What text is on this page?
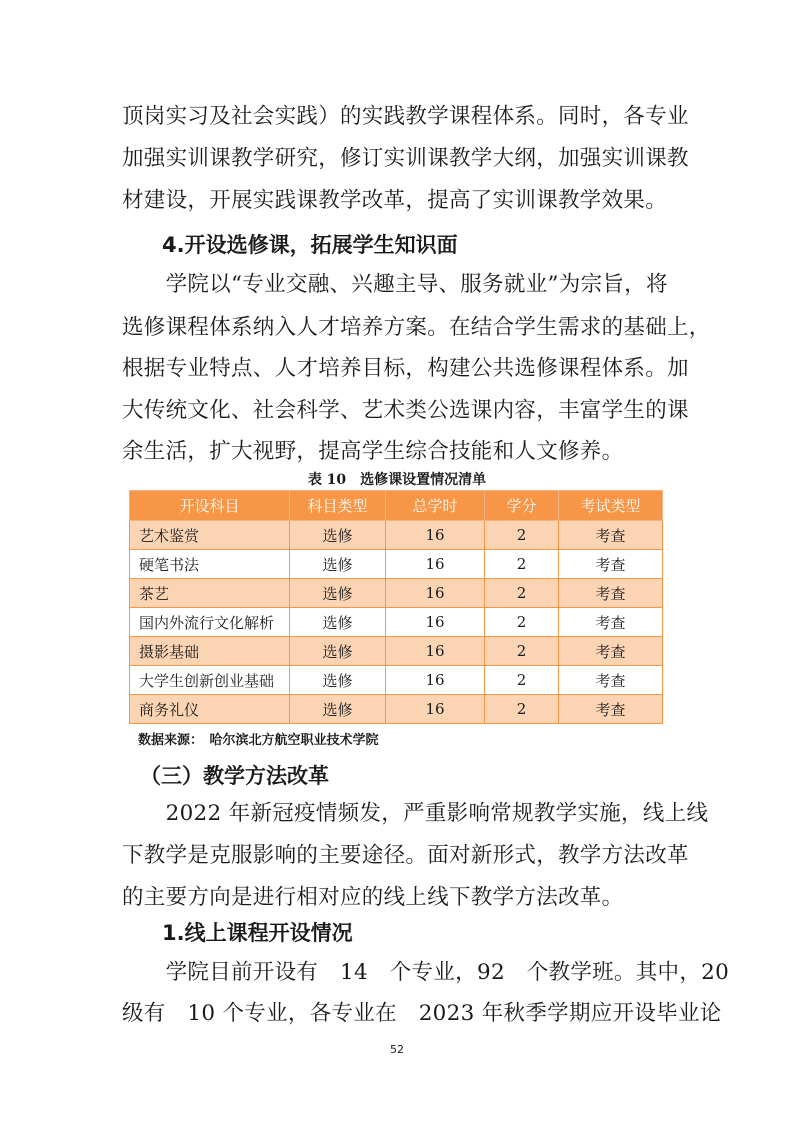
顶岗实习及社会实践）的实践教学课程体系。同时，各专业
加强实训课教学研究，修订实训课教学大纲，加强实训课教
材建设，开展实践课教学改革，提高了实训课教学效果。
4.开设选修课，拓展学生知识面
　　学院以“专业交融、兴趣主导、服务就业”为宗旨，将
选修课程体系纳入人才培养方案。在结合学生需求的基础上，
根据专业特点、人才培养目标，构建公共选修课程体系。加
大传统文化、社会科学、艺术类公选课内容，丰富学生的课
余生活，扩大视野，提高学生综合技能和人文修养。
表 10　选修课设置情况清单
开设科目	科目类型	总学时	学分	考试类型
艺术鉴赏	选修	16	2	考查
硬笔书法	选修	16	2	考查
茶艺	选修	16	2	考查
国内外流行文化解析	选修	16	2	考查
摄影基础	选修	16	2	考查
大学生创新创业基础	选修	16	2	考查
商务礼仪	选修	16	2	考查
数据来源：　哈尔滨北方航空职业技术学院
（三）教学方法改革
　　2022 年新冠疫情频发，严重影响常规教学实施，线上线
下教学是克服影响的主要途径。面对新形式，教学方法改革
的主要方向是进行相对应的线上线下教学方法改革。
1.线上课程开设情况
　　学院目前开设有　14　个专业，92　个教学班。其中，20
级有　10 个专业，各专业在　2023 年秋季学期应开设毕业论
52
